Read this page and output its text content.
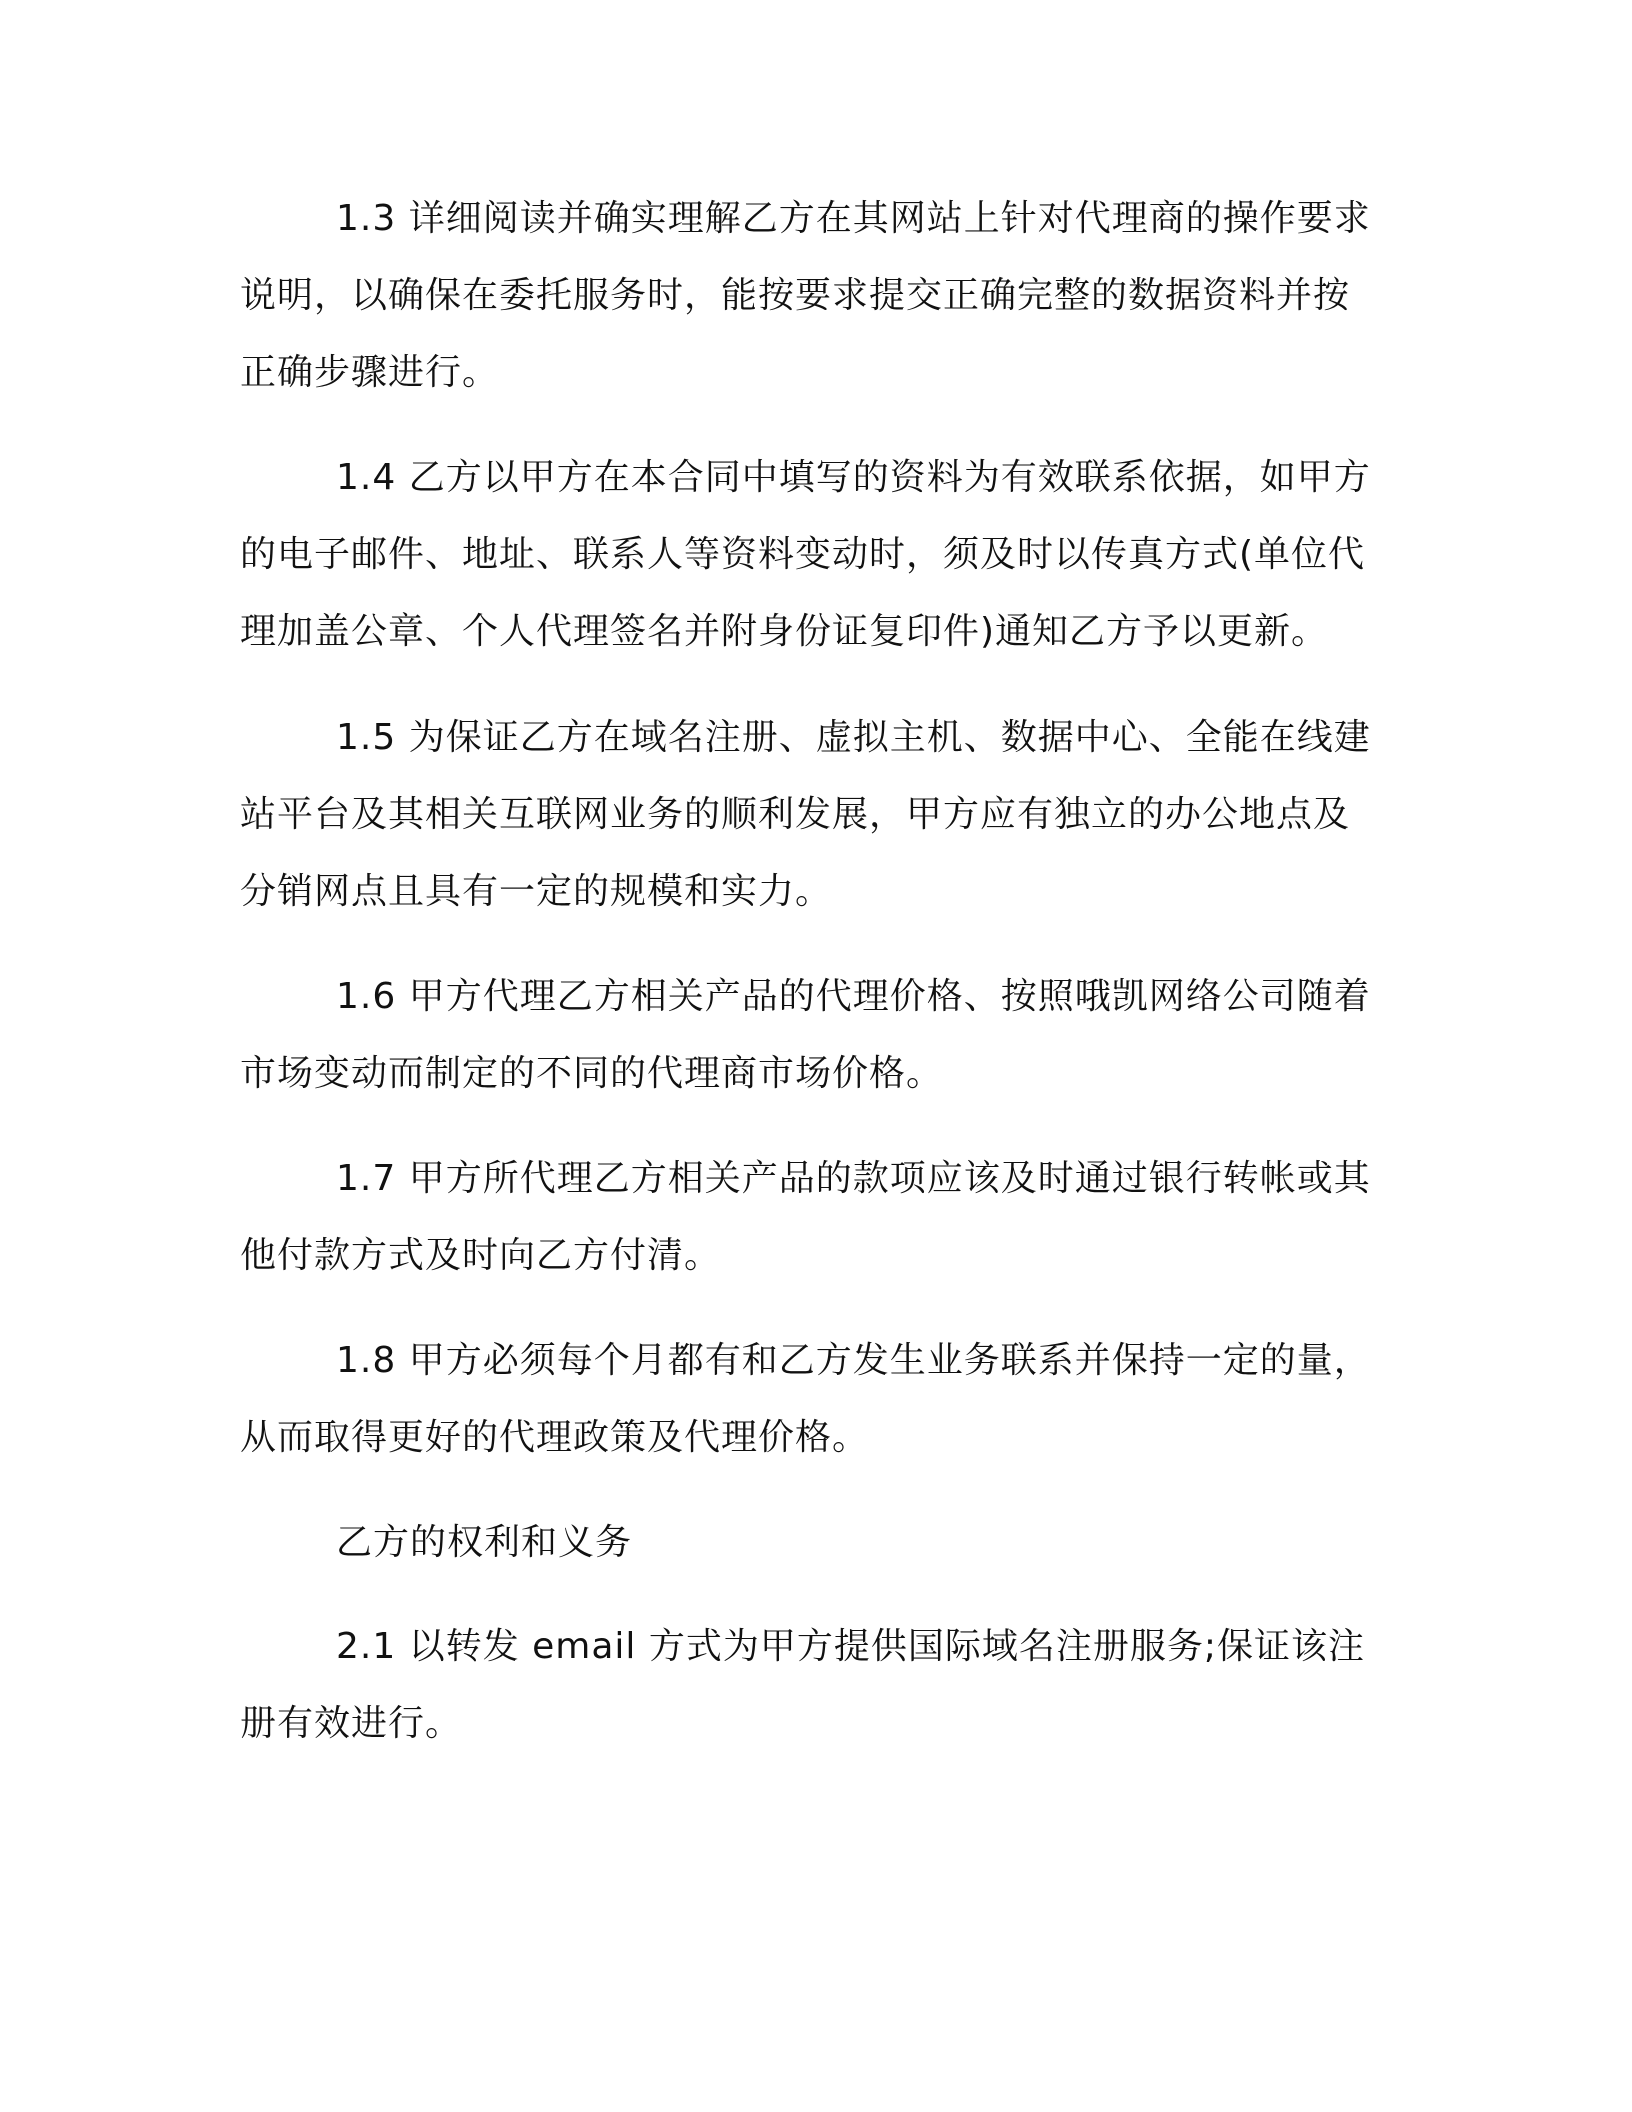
1.3 详细阅读并确实理解乙方在其网站上针对代理商的操作要求说明，以确保在委托服务时，能按要求提交正确完整的数据资料并按正确步骤进行。

1.4 乙方以甲方在本合同中填写的资料为有效联系依据，如甲方的电子邮件、地址、联系人等资料变动时，须及时以传真方式(单位代理加盖公章、个人代理签名并附身份证复印件)通知乙方予以更新。

1.5 为保证乙方在域名注册、虚拟主机、数据中心、全能在线建站平台及其相关互联网业务的顺利发展，甲方应有独立的办公地点及分销网点且具有一定的规模和实力。

1.6 甲方代理乙方相关产品的代理价格、按照哦凯网络公司随着市场变动而制定的不同的代理商市场价格。

1.7 甲方所代理乙方相关产品的款项应该及时通过银行转帐或其他付款方式及时向乙方付清。

1.8 甲方必须每个月都有和乙方发生业务联系并保持一定的量，从而取得更好的代理政策及代理价格。

乙方的权利和义务

2.1 以转发 email 方式为甲方提供国际域名注册服务;保证该注册有效进行。
